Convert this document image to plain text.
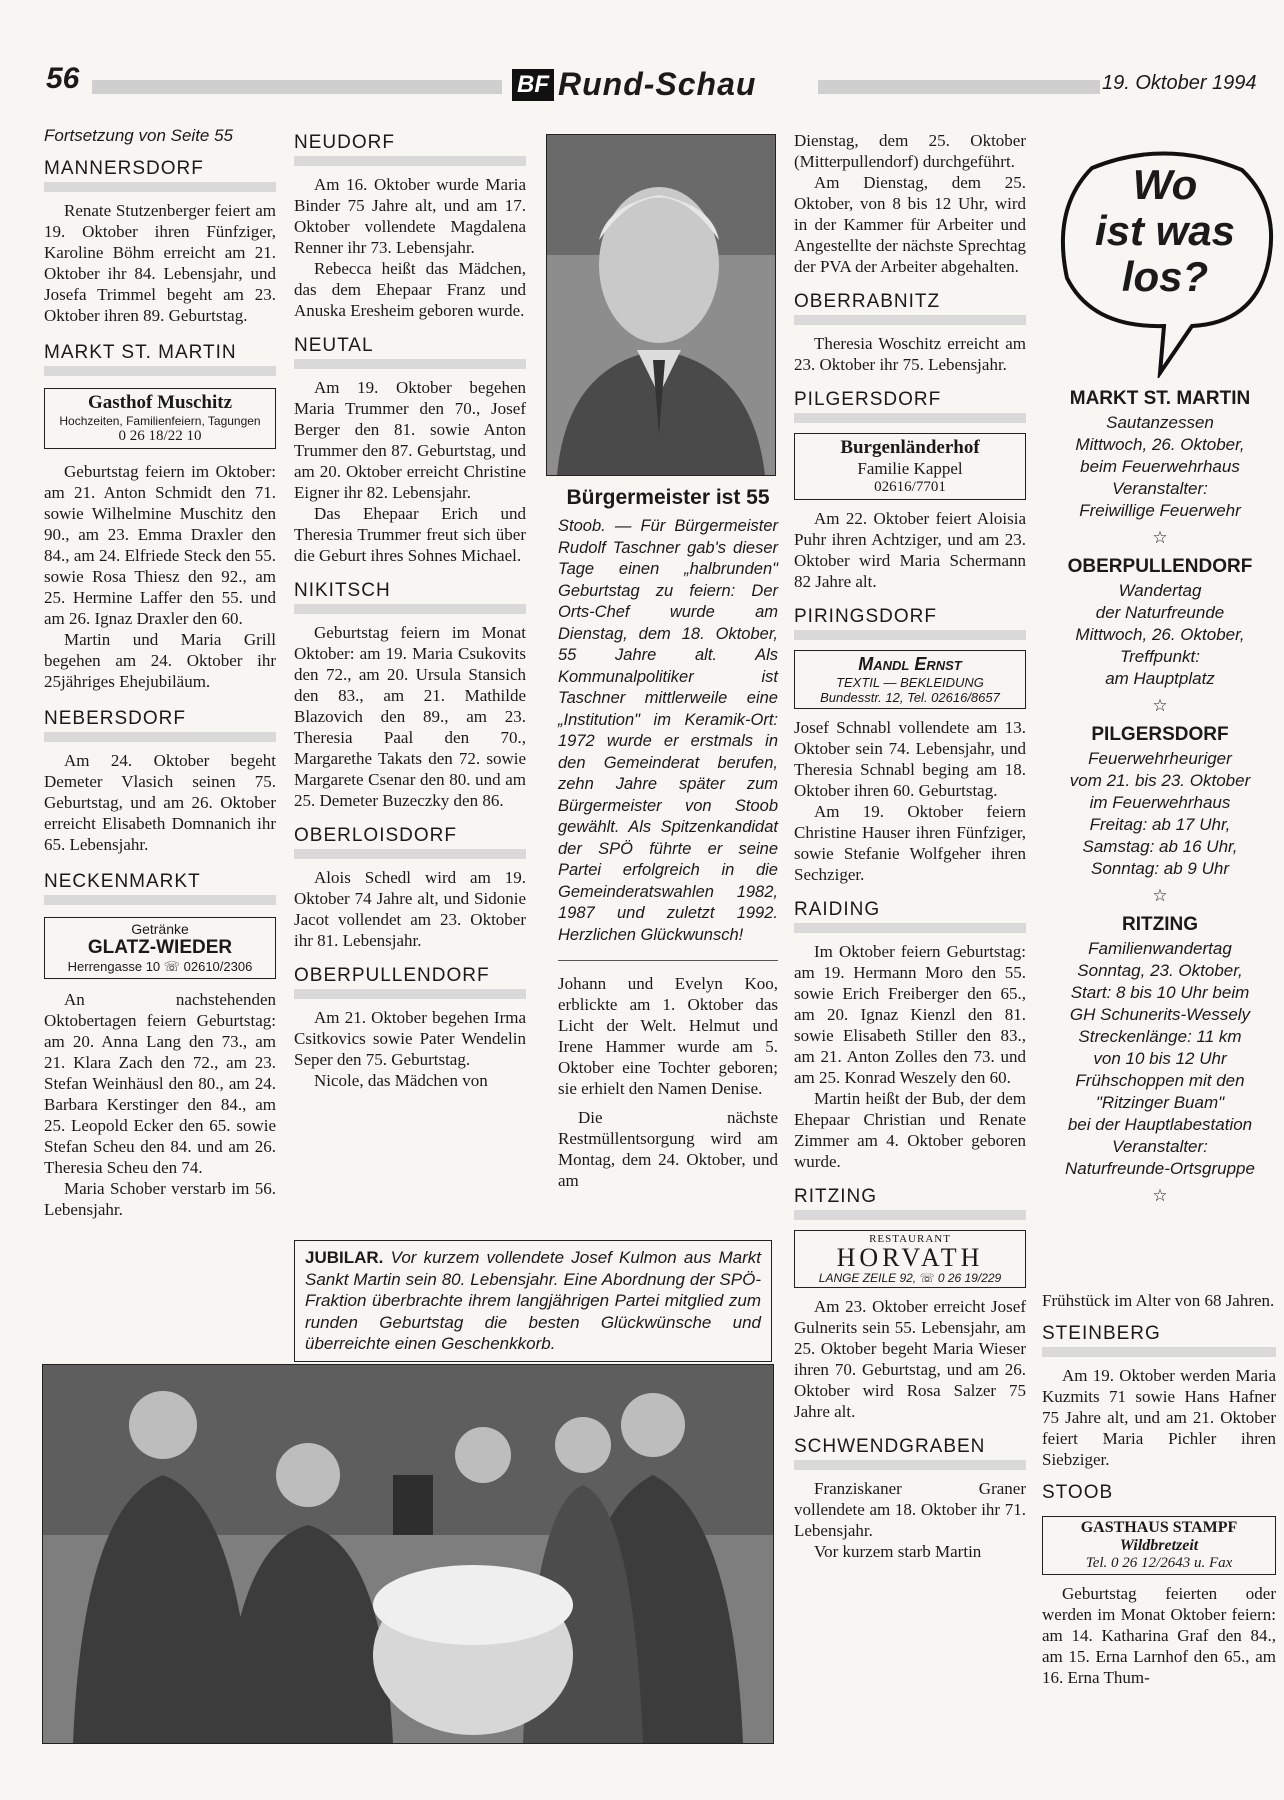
56	BF Rund-Schau	19. Oktober 1994
Fortsetzung von Seite 55
MANNERSDORF

Renate Stutzenberger feiert am 19. Oktober ihren Fünfziger, Karoline Böhm erreicht am 21. Oktober ihr 84. Lebensjahr, und Josefa Trimmel begeht am 23. Oktober ihren 89. Geburtstag.

MARKT ST. MARTIN
Gasthof Muschitz
Hochzeiten, Familienfeiern, Tagungen
0 26 18/22 10

Geburtstag feiern im Oktober: am 21. Anton Schmidt den 71. sowie Wilhelmine Muschitz den 90., am 23. Emma Draxler den 84., am 24. Elfriede Steck den 55. sowie Rosa Thiesz den 92., am 25. Hermine Laffer den 55. und am 26. Ignaz Draxler den 60.

Martin und Maria Grill begehen am 24. Oktober ihr 25jähriges Ehejubiläum.

NEBERSDORF

Am 24. Oktober begeht Demeter Vlasich seinen 75. Geburtstag, und am 26. Oktober erreicht Elisabeth Domnanich ihr 65. Lebensjahr.

NECKENMARKT
Getränke
GLATZ-WIEDER
Herrengasse 10 ☏ 02610/2306

An nachstehenden Oktobertagen feiern Geburtstag: am 20. Anna Lang den 73., am 21. Klara Zach den 72., am 23. Stefan Weinhäusl den 80., am 24. Barbara Kerstinger den 84., am 25. Leopold Ecker den 65. sowie Stefan Scheu den 84. und am 26. Theresia Scheu den 74.

Maria Schober verstarb im 56. Lebensjahr.

NEUDORF

Am 16. Oktober wurde Maria Binder 75 Jahre alt, und am 17. Oktober vollendete Magdalena Renner ihr 73. Lebensjahr.

Rebecca heißt das Mädchen, das dem Ehepaar Franz und Anuska Eresheim geboren wurde.

NEUTAL

Am 19. Oktober begehen Maria Trummer den 70., Josef Berger den 81. sowie Anton Trummer den 87. Geburtstag, und am 20. Oktober erreicht Christine Eigner ihr 82. Lebensjahr.

Das Ehepaar Erich und Theresia Trummer freut sich über die Geburt ihres Sohnes Michael.

NIKITSCH

Geburtstag feiern im Monat Oktober: am 19. Maria Csukovits den 72., am 20. Ursula Stansich den 83., am 21. Mathilde Blazovich den 89., am 23. Theresia Paal den 70., Margarethe Takats den 72. sowie Margarete Csenar den 80. und am 25. Demeter Buzeczky den 86.

OBERLOISDORF

Alois Schedl wird am 19. Oktober 74 Jahre alt, und Sidonie Jacot vollendet am 23. Oktober ihr 81. Lebensjahr.

OBERPULLENDORF

Am 21. Oktober begehen Irma Csitkovics sowie Pater Wendelin Seper den 75. Geburtstag.

Nicole, das Mädchen von

Bürgermeister ist 55
Stoob. — Für Bürgermeister Rudolf Taschner gab's dieser Tage einen „halbrunden" Geburtstag zu feiern: Der Orts-Chef wurde am Dienstag, dem 18. Oktober, 55 Jahre alt. Als Kommunalpolitiker ist Taschner mittlerweile eine „Institution" im Keramik-Ort: 1972 wurde er erstmals in den Gemeinderat berufen, zehn Jahre später zum Bürgermeister von Stoob gewählt. Als Spitzenkandidat der SPÖ führte er seine Partei erfolgreich in die Gemeinderatswahlen 1982, 1987 und zuletzt 1992. Herzlichen Glückwunsch!

Johann und Evelyn Koo, erblickte am 1. Oktober das Licht der Welt. Helmut und Irene Hammer wurde am 5. Oktober eine Tochter geboren; sie erhielt den Namen Denise.

Die nächste Restmüllentsorgung wird am Montag, dem 24. Oktober, und am

JUBILAR. Vor kurzem vollendete Josef Kulmon aus Markt Sankt Martin sein 80. Lebensjahr. Eine Abordnung der SPÖ-Fraktion überbrachte ihrem langjährigen Partei mitglied zum runden Geburtstag die besten Glückwünsche und überreichte einen Geschenkkorb.

Dienstag, dem 25. Oktober (Mitterpullendorf) durchgeführt.

Am Dienstag, dem 25. Oktober, von 8 bis 12 Uhr, wird in der Kammer für Arbeiter und Angestellte der nächste Sprechtag der PVA der Arbeiter abgehalten.

OBERRABNITZ

Theresia Woschitz erreicht am 23. Oktober ihr 75. Lebensjahr.

PILGERSDORF
Burgenländerhof
Familie Kappel
02616/7701

Am 22. Oktober feiert Aloisia Puhr ihren Achtziger, und am 23. Oktober wird Maria Schermann 82 Jahre alt.

PIRINGSDORF
Mandl Ernst
TEXTIL — BEKLEIDUNG
Bundesstr. 12, Tel. 02616/8657

Josef Schnabl vollendete am 13. Oktober sein 74. Lebensjahr, und Theresia Schnabl beging am 18. Oktober ihren 60. Geburtstag.

Am 19. Oktober feiern Christine Hauser ihren Fünfziger, sowie Stefanie Wolfgeher ihren Sechziger.

RAIDING

Im Oktober feiern Geburtstag: am 19. Hermann Moro den 55. sowie Erich Freiberger den 65., am 20. Ignaz Kienzl den 81. sowie Elisabeth Stiller den 83., am 21. Anton Zolles den 73. und am 25. Konrad Weszely den 60.

Martin heißt der Bub, der dem Ehepaar Christian und Renate Zimmer am 4. Oktober geboren wurde.

RITZING
RESTAURANT
HORVATH
LANGE ZEILE 92, ☏ 0 26 19/229

Am 23. Oktober erreicht Josef Gulnerits sein 55. Lebensjahr, am 25. Oktober begeht Maria Wieser ihren 70. Geburtstag, und am 26. Oktober wird Rosa Salzer 75 Jahre alt.

SCHWENDGRABEN

Franziskaner Graner vollendete am 18. Oktober ihr 71. Lebensjahr.

Vor kurzem starb Martin

Wo
ist was
los?
MARKT ST. MARTIN
Sautanzessen
Mittwoch, 26. Oktober,
beim Feuerwehrhaus
Veranstalter:
Freiwillige Feuerwehr
☆
OBERPULLENDORF
Wandertag
der Naturfreunde
Mittwoch, 26. Oktober,
Treffpunkt:
am Hauptplatz
☆
PILGERSDORF
Feuerwehrheuriger
vom 21. bis 23. Oktober
im Feuerwehrhaus
Freitag: ab 17 Uhr,
Samstag: ab 16 Uhr,
Sonntag: ab 9 Uhr
☆
RITZING
Familienwandertag
Sonntag, 23. Oktober,
Start: 8 bis 10 Uhr beim
GH Schunerits-Wessely
Streckenlänge: 11 km
von 10 bis 12 Uhr
Frühschoppen mit den
"Ritzinger Buam"
bei der Hauptlabestation
Veranstalter:
Naturfreunde-Ortsgruppe
☆

Frühstück im Alter von 68 Jahren.

STEINBERG

Am 19. Oktober werden Maria Kuzmits 71 sowie Hans Hafner 75 Jahre alt, und am 21. Oktober feiert Maria Pichler ihren Siebziger.

STOOB
GASTHAUS STAMPF
Wildbretzeit
Tel. 0 26 12/2643 u. Fax

Geburtstag feierten oder werden im Monat Oktober feiern: am 14. Katharina Graf den 84., am 15. Erna Larnhof den 65., am 16. Erna Thum-
